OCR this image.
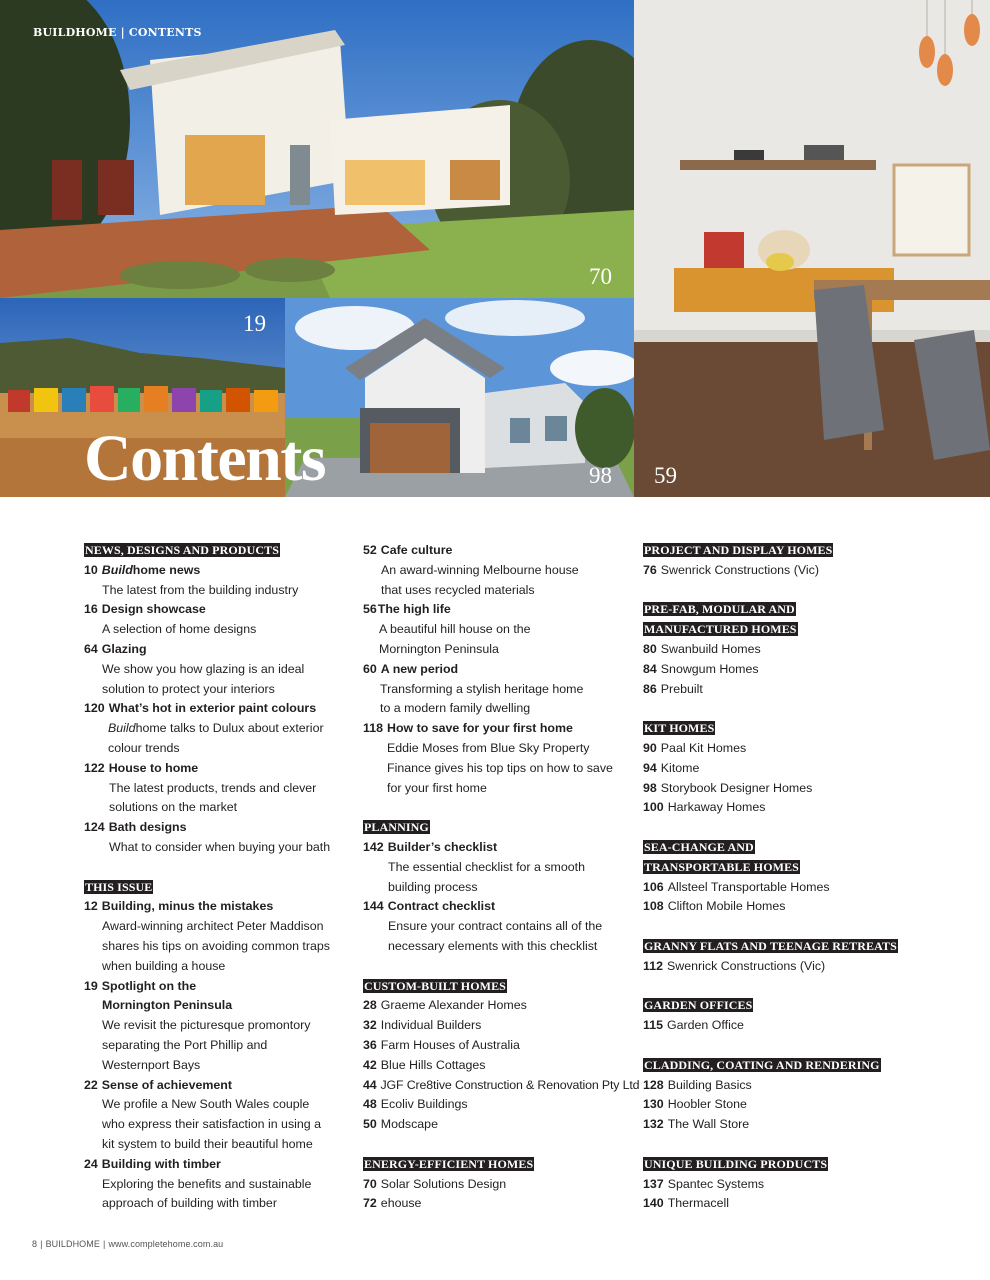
BUILDHOME | CONTENTS
70
19
98 59
Contents
NEWS, DESIGNS AND PRODUCTS
10 Buildhome news
The latest from the building industry
16 Design showcase
A selection of home designs
64 Glazing
We show you how glazing is an ideal
solution to protect your interiors
120 What’s hot in exterior paint colours
Buildhome talks to Dulux about exterior
colour trends
122 House to home
The latest products, trends and clever
solutions on the market
124 Bath designs
What to consider when buying your bath
THIS ISSUE
12 Building, minus the mistakes
Award-winning architect Peter Maddison
shares his tips on avoiding common traps
when building a house
19 Spotlight on the
Mornington Peninsula
We revisit the picturesque promontory
separating the Port Phillip and
Westernport Bays
22 Sense of achievement
We profile a New South Wales couple
who express their satisfaction in using a
kit system to build their beautiful home
24 Building with timber
Exploring the benefits and sustainable
approach of building with timber
52 Cafe culture
An award-winning Melbourne house
that uses recycled materials
56The high life
A beautiful hill house on the
Mornington Peninsula
60 A new period
Transforming a stylish heritage home
to a modern family dwelling
118 How to save for your first home
Eddie Moses from Blue Sky Property
Finance gives his top tips on how to save
for your first home
PLANNING
142 Builder’s checklist
The essential checklist for a smooth
building process
144 Contract checklist
Ensure your contract contains all of the
necessary elements with this checklist
CUSTOM-BUILT HOMES
28 Graeme Alexander Homes
32 Individual Builders
36 Farm Houses of Australia
42 Blue Hills Cottages
44 JGF Cre8tive Construction & Renovation Pty Ltd
48 Ecoliv Buildings
50 Modscape
ENERGY-EFFICIENT HOMES
70 Solar Solutions Design
72 ehouse
PROJECT AND DISPLAY HOMES
76 Swenrick Constructions (Vic)
PRE-FAB, MODULAR AND
MANUFACTURED HOMES
80 Swanbuild Homes
84 Snowgum Homes
86 Prebuilt
KIT HOMES
90 Paal Kit Homes
94 Kitome
98 Storybook Designer Homes
100 Harkaway Homes
SEA-CHANGE AND
TRANSPORTABLE HOMES
106 Allsteel Transportable Homes
108 Clifton Mobile Homes
GRANNY FLATS AND TEENAGE RETREATS
112 Swenrick Constructions (Vic)
GARDEN OFFICES
115 Garden Office
CLADDING, COATING AND RENDERING
128 Building Basics
130 Hoobler Stone
132 The Wall Store
UNIQUE BUILDING PRODUCTS
137 Spantec Systems
140 Thermacell
8 | BUILDHOME | www.completehome.com.au
